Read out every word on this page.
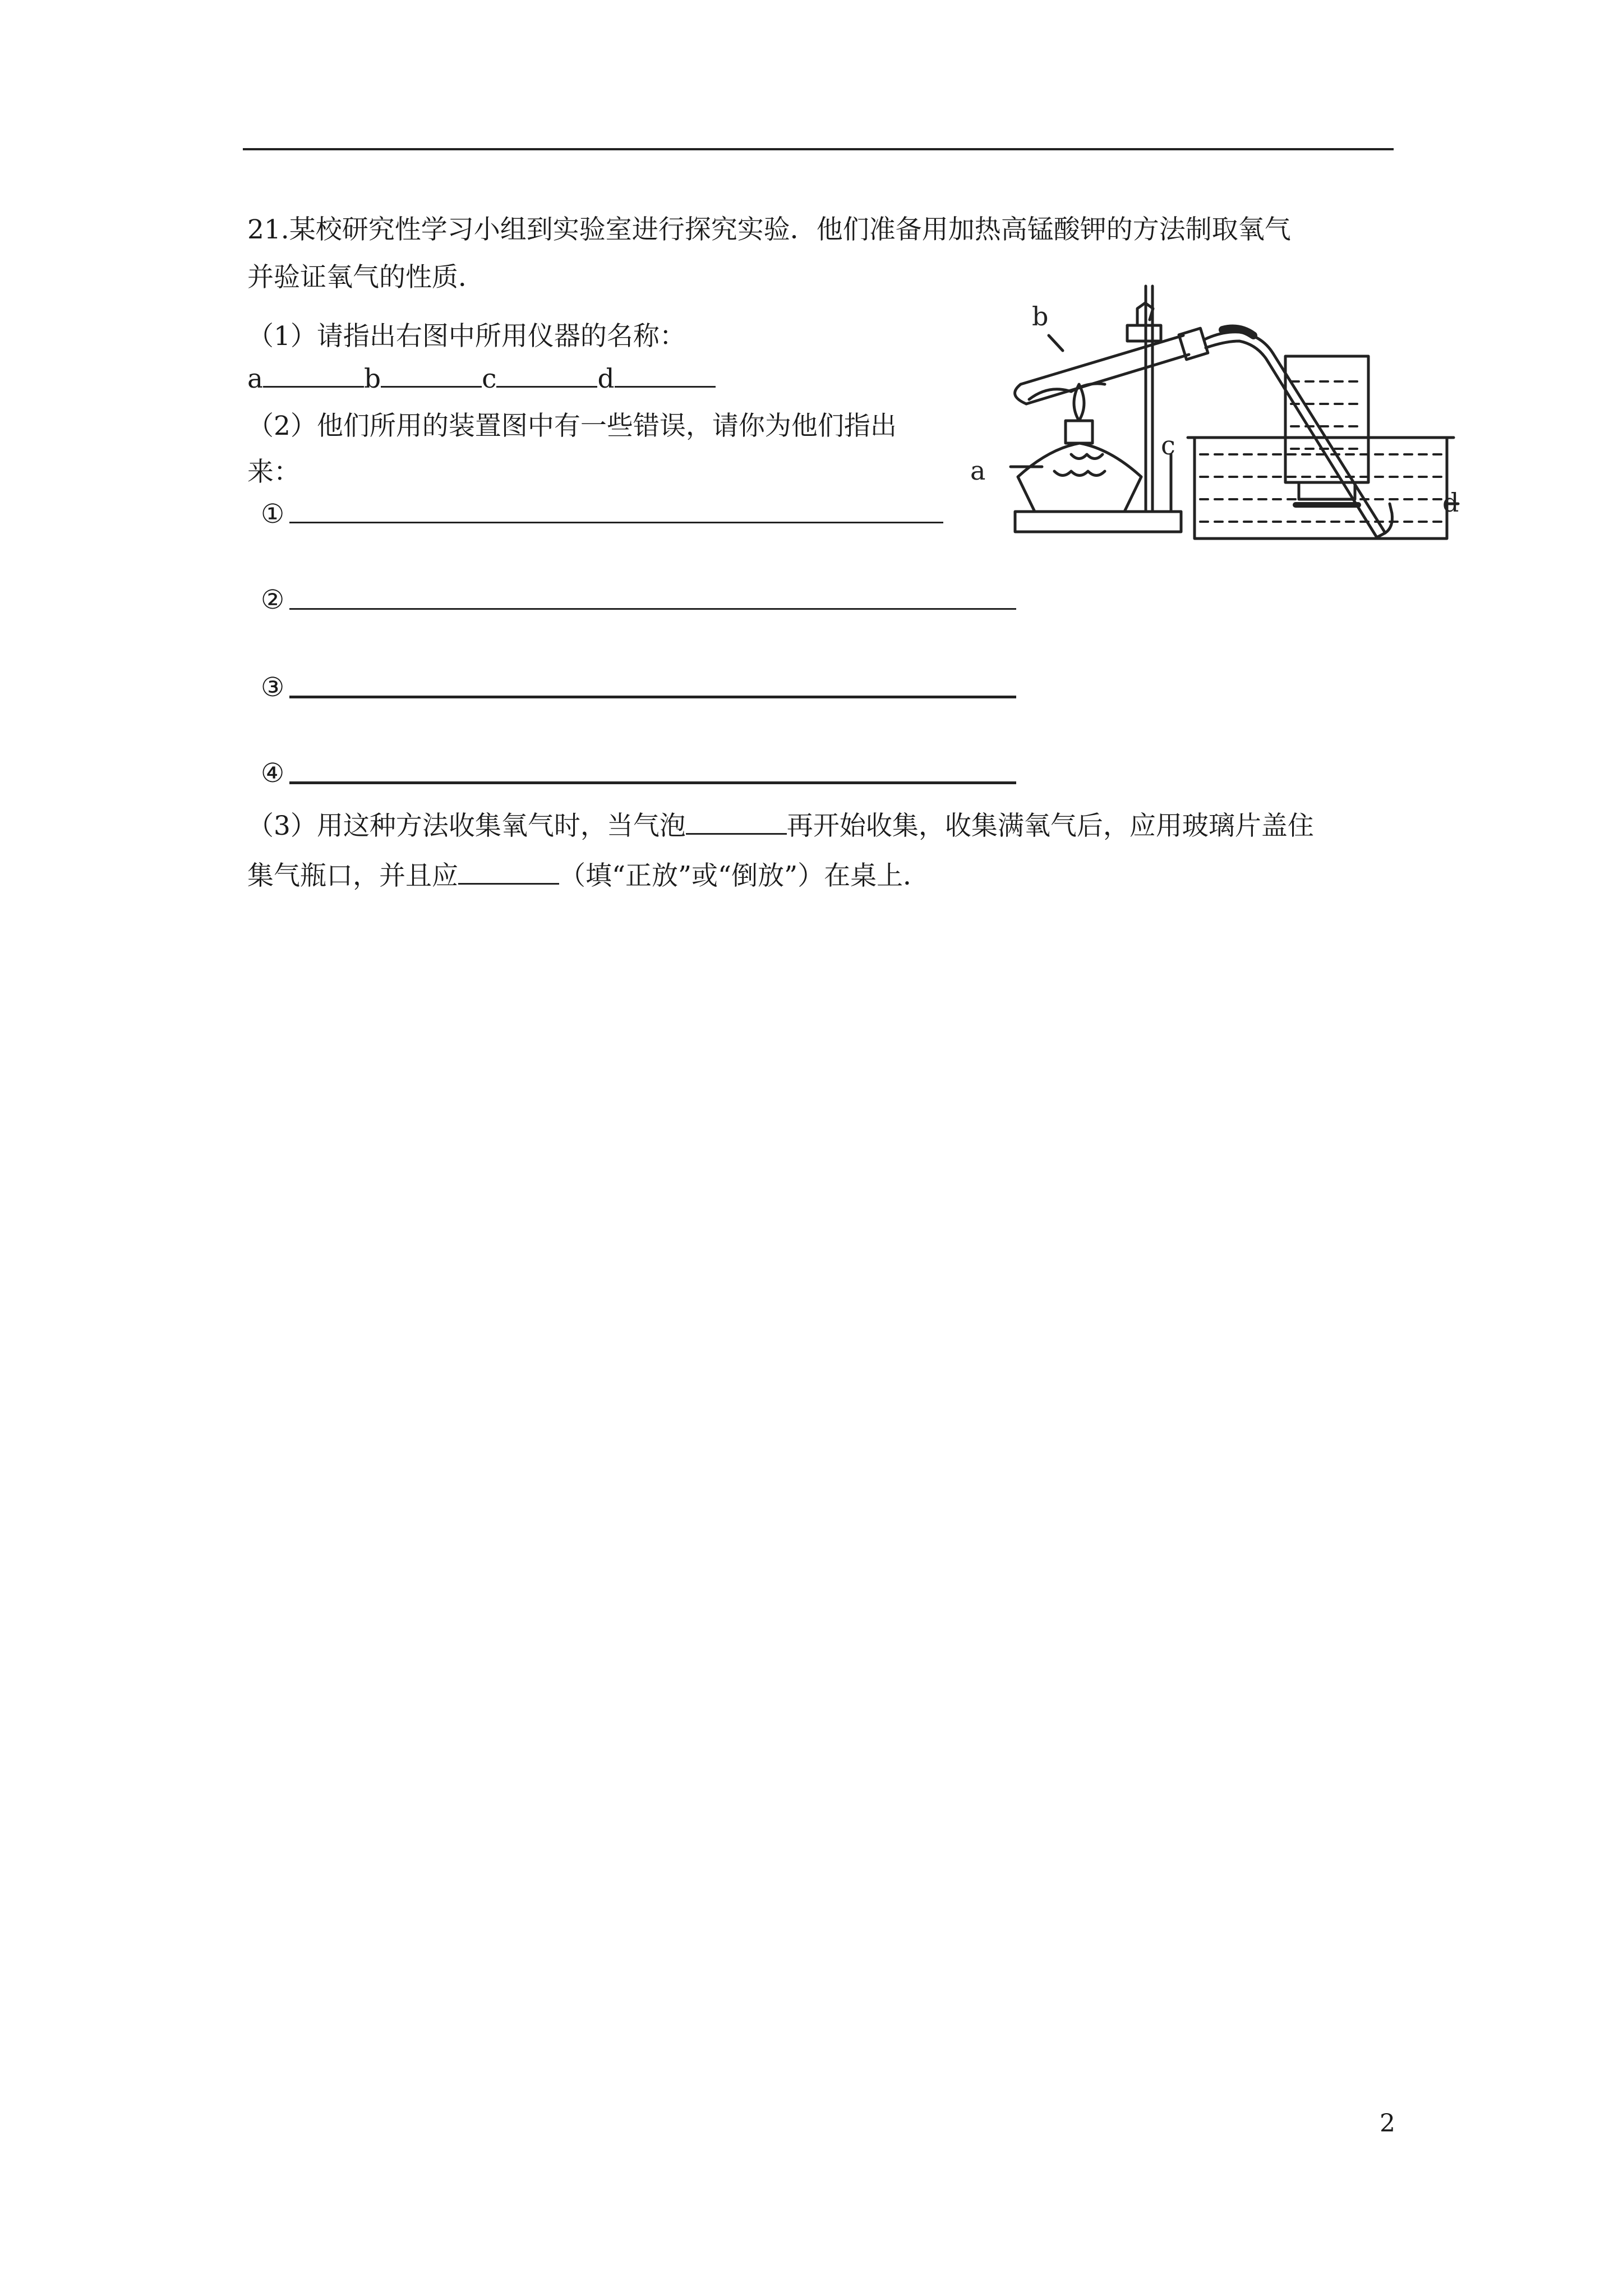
21.某校研究性学习小组到实验室进行探究实验．他们准备用加热高锰酸钾的方法制取氧气
并验证氧气的性质．
（1）请指出右图中所用仪器的名称：
a	b	c	d
（2）他们所用的装置图中有一些错误，请你为他们指出
来：
①
②
③
④
（3）用这种方法收集氧气时，当气泡	再开始收集，收集满氧气后，应用玻璃片盖住
集气瓶口，并且应	（填“正放”或“倒放”）在桌上．
a
b
c
d
2
